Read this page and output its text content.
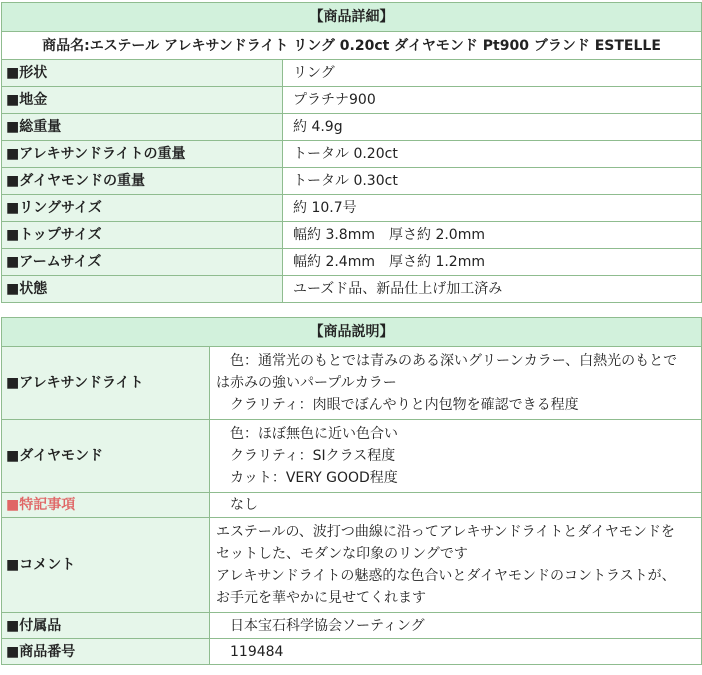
【商品詳細】	
商品名:エステール アレキサンドライト リング 0.20ct ダイヤモンド Pt900 ブランド ESTELLE	
■形状	リング
■地金	プラチナ900
■総重量	約 4.9g
■アレキサンドライトの重量	トータル 0.20ct
■ダイヤモンドの重量	トータル 0.30ct
■リングサイズ	約 10.7号
■トップサイズ	幅約 3.8mm　厚さ約 2.0mm
■アームサイズ	幅約 2.4mm　厚さ約 1.2mm
■状態	ユーズド品、新品仕上げ加工済み
【商品説明】	
■アレキサンドライト	　色：通常光のもとでは青みのある深いグリーンカラー、白熱光のもとで
は赤みの強いパープルカラー
　クラリティ：肉眼でぼんやりと内包物を確認できる程度

■ダイヤモンド	　色：ほぼ無色に近い色合い
　クラリティ：SIクラス程度
　カット：VERY GOOD程度

■特記事項	　なし
■コメント	エステールの、波打つ曲線に沿ってアレキサンドライトとダイヤモンドを
セットした、モダンな印象のリングです
アレキサンドライトの魅惑的な色合いとダイヤモンドのコントラストが、
お手元を華やかに見せてくれます

■付属品	　日本宝石科学協会ソーティング
■商品番号	　119484
